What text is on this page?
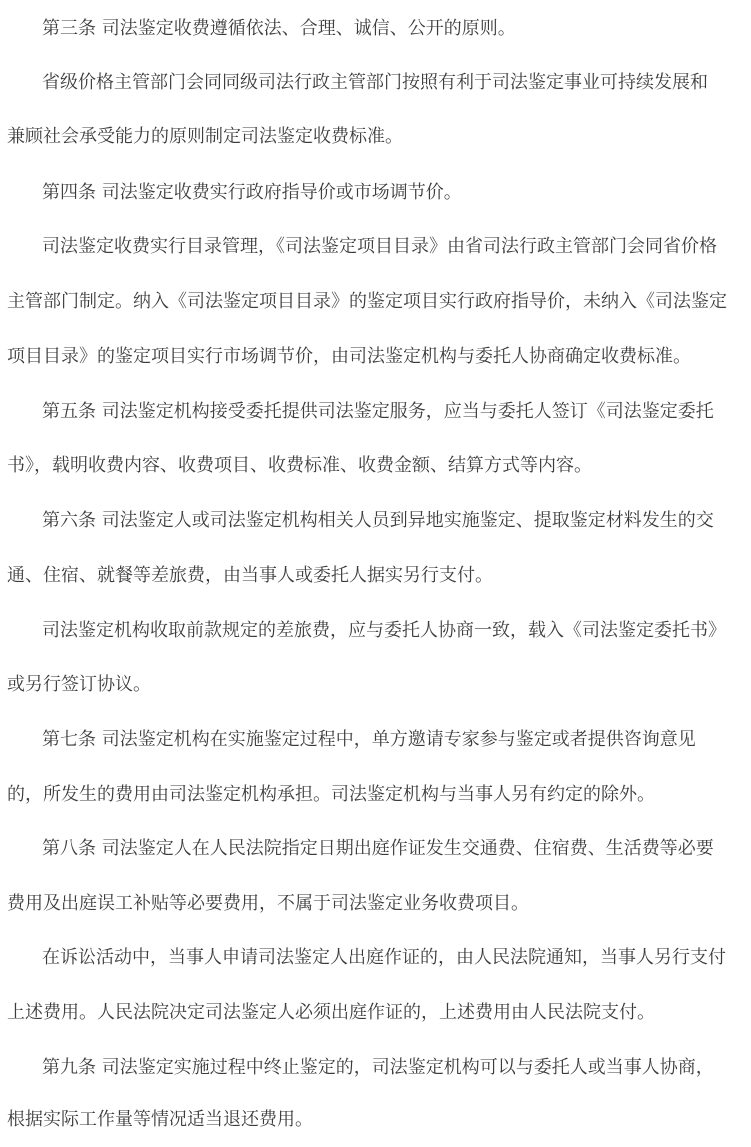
第三条 司法鉴定收费遵循依法、合理、诚信、公开的原则。
省级价格主管部门会同同级司法行政主管部门按照有利于司法鉴定事业可持续发展和
兼顾社会承受能力的原则制定司法鉴定收费标准。
第四条 司法鉴定收费实行政府指导价或市场调节价。
司法鉴定收费实行目录管理，《司法鉴定项目目录》由省司法行政主管部门会同省价格
主管部门制定。纳入《司法鉴定项目目录》的鉴定项目实行政府指导价，未纳入《司法鉴定
项目目录》的鉴定项目实行市场调节价，由司法鉴定机构与委托人协商确定收费标准。
第五条 司法鉴定机构接受委托提供司法鉴定服务，应当与委托人签订《司法鉴定委托
书》，载明收费内容、收费项目、收费标准、收费金额、结算方式等内容。
第六条 司法鉴定人或司法鉴定机构相关人员到异地实施鉴定、提取鉴定材料发生的交
通、住宿、就餐等差旅费，由当事人或委托人据实另行支付。
司法鉴定机构收取前款规定的差旅费，应与委托人协商一致，载入《司法鉴定委托书》
或另行签订协议。
第七条 司法鉴定机构在实施鉴定过程中，单方邀请专家参与鉴定或者提供咨询意见
的，所发生的费用由司法鉴定机构承担。司法鉴定机构与当事人另有约定的除外。
第八条 司法鉴定人在人民法院指定日期出庭作证发生交通费、住宿费、生活费等必要
费用及出庭误工补贴等必要费用，不属于司法鉴定业务收费项目。
在诉讼活动中，当事人申请司法鉴定人出庭作证的，由人民法院通知，当事人另行支付
上述费用。人民法院决定司法鉴定人必须出庭作证的，上述费用由人民法院支付。
第九条 司法鉴定实施过程中终止鉴定的，司法鉴定机构可以与委托人或当事人协商，
根据实际工作量等情况适当退还费用。
